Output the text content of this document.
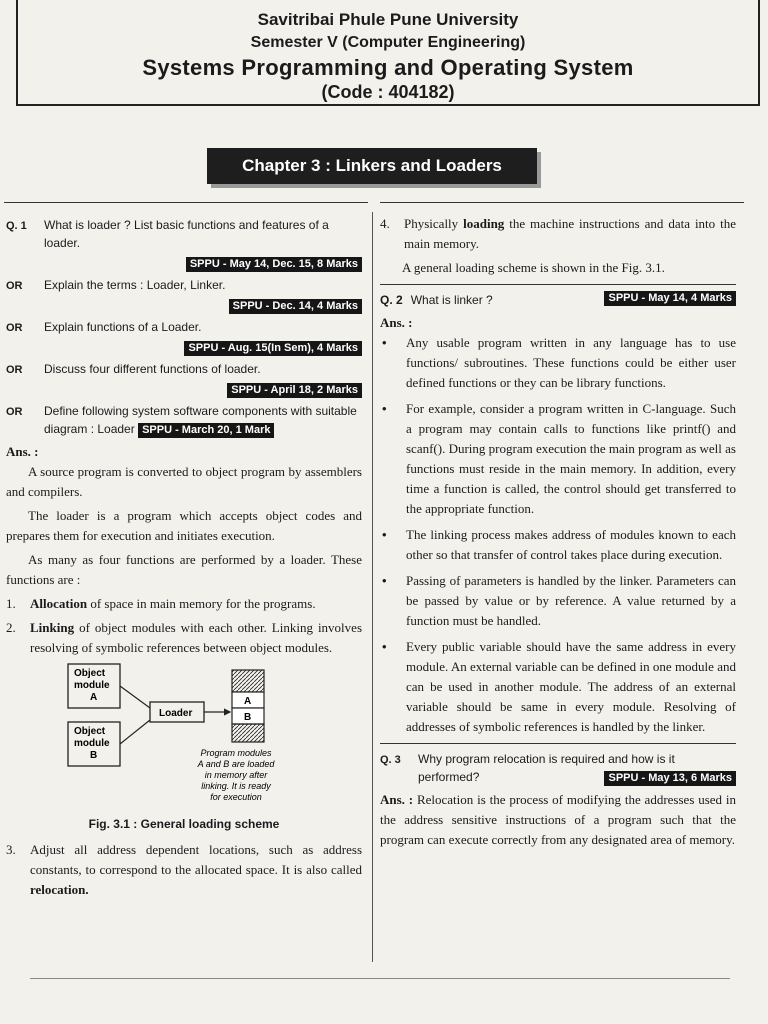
Savitribai Phule Pune University
Semester V (Computer Engineering)
Systems Programming and Operating System
(Code : 404182)
Chapter 3 : Linkers and Loaders
Q. 1 What is loader ? List basic functions and features of a loader.
SPPU - May 14, Dec. 15, 8 Marks
OR Explain the terms : Loader, Linker.
SPPU - Dec. 14, 4 Marks
OR Explain functions of a Loader.
SPPU - Aug. 15(In Sem), 4 Marks
OR Discuss four different functions of loader.
SPPU - April 18, 2 Marks
OR Define following system software components with suitable diagram : Loader SPPU - March 20, 1 Mark
Ans. :

A source program is converted to object program by assemblers and compilers.

The loader is a program which accepts object codes and prepares them for execution and initiates execution.

As many as four functions are performed by a loader. These functions are :

1. Allocation of space in main memory for the programs.
2. Linking of object modules with each other. Linking involves resolving of symbolic references between object modules.
Object
module
A
Object
module
B
Loader
A
B
Program modules
A and B are loaded
in memory after
linking. It is ready
for execution
Fig. 3.1 : General loading scheme
3. Adjust all address dependent locations, such as address constants, to correspond to the allocated space. It is also called relocation.
4. Physically loading the machine instructions and data into the main memory.

A general loading scheme is shown in the Fig. 3.1.

Q. 2 What is linker ?	SPPU - May 14, 4 Marks
Ans. :
• Any usable program written in any language has to use functions/ subroutines. These functions could be either user defined functions or they can be library functions.
• For example, consider a program written in C-language. Such a program may contain calls to functions like printf() and scanf(). During program execution the main program as well as functions must reside in the main memory. In addition, every time a function is called, the control should get transferred to the appropriate function.
• The linking process makes address of modules known to each other so that transfer of control takes place during execution.
• Passing of parameters is handled by the linker. Parameters can be passed by value or by reference. A value returned by a function must be handled.
• Every public variable should have the same address in every module. An external variable can be defined in one module and can be used in another module. The address of an external variable should be same in every module. Resolving of addresses of symbolic references is handled by the linker.
Q. 3 Why program relocation is required and how is it performed?	SPPU - May 13, 6 Marks

Ans. : Relocation is the process of modifying the addresses used in the address sensitive instructions of a program such that the program can execute correctly from any designated area of memory.
